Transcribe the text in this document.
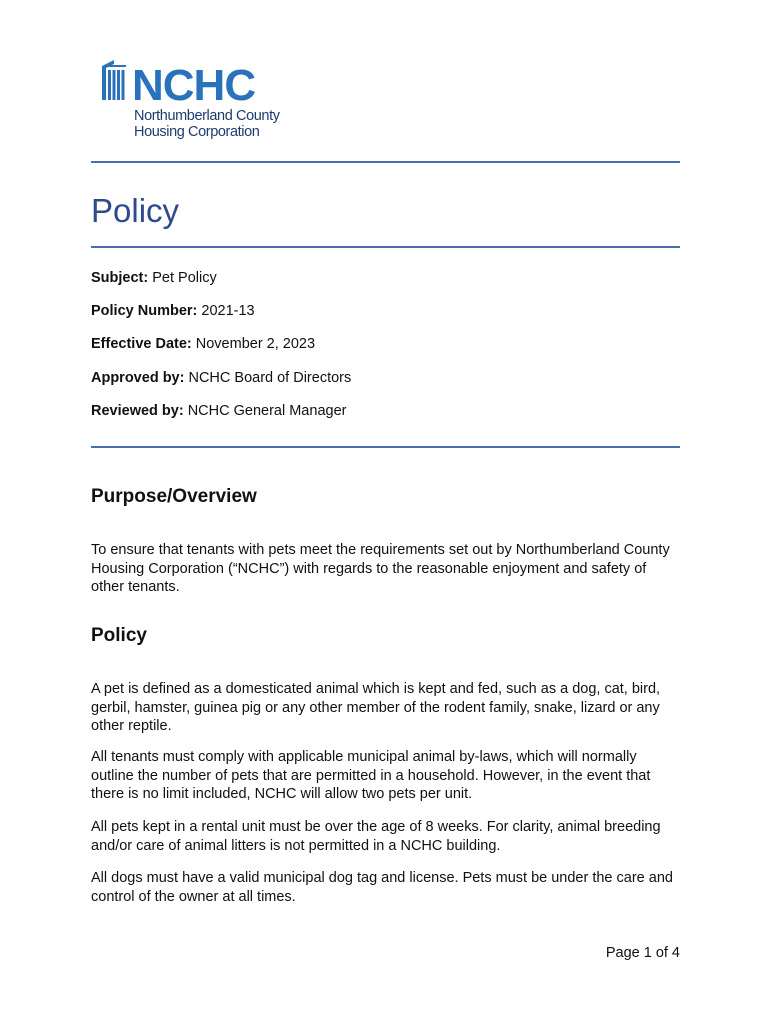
NCHC
Northumberland County
Housing Corporation
Policy
Subject: Pet Policy
Policy Number: 2021-13
Effective Date: November 2, 2023
Approved by: NCHC Board of Directors
Reviewed by: NCHC General Manager
Purpose/Overview

To ensure that tenants with pets meet the requirements set out by Northumberland County Housing Corporation (“NCHC”) with regards to the reasonable enjoyment and safety of other tenants.

Policy

A pet is defined as a domesticated animal which is kept and fed, such as a dog, cat, bird, gerbil, hamster, guinea pig or any other member of the rodent family, snake, lizard or any other reptile.

All tenants must comply with applicable municipal animal by-laws, which will normally outline the number of pets that are permitted in a household. However, in the event that there is no limit included, NCHC will allow two pets per unit.

All pets kept in a rental unit must be over the age of 8 weeks. For clarity, animal breeding and/or care of animal litters is not permitted in a NCHC building.

All dogs must have a valid municipal dog tag and license. Pets must be under the care and control of the owner at all times.

Page 1 of 4
